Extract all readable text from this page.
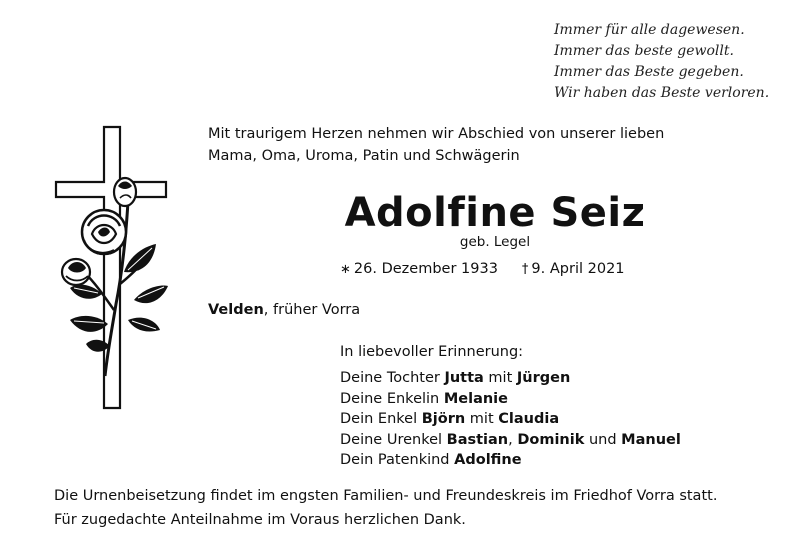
Immer für alle dagewesen.
Immer das beste gewollt.
Immer das Beste gegeben.
Wir haben das Beste verloren.
Mit traurigem Herzen nehmen wir Abschied von unserer lieben
Mama, Oma, Uroma, Patin und Schwägerin
Adolfine Seiz
geb. Legel
∗ 26. Dezember 1933 † 9. April 2021
Velden, früher Vorra
In liebevoller Erinnerung:
Deine Tochter Jutta mit Jürgen
Deine Enkelin Melanie
Dein Enkel Björn mit Claudia
Deine Urenkel Bastian, Dominik und Manuel
Dein Patenkind Adolfine
Die Urnenbeisetzung findet im engsten Familien- und Freundeskreis im Friedhof Vorra statt.
Für zugedachte Anteilnahme im Voraus herzlichen Dank.
